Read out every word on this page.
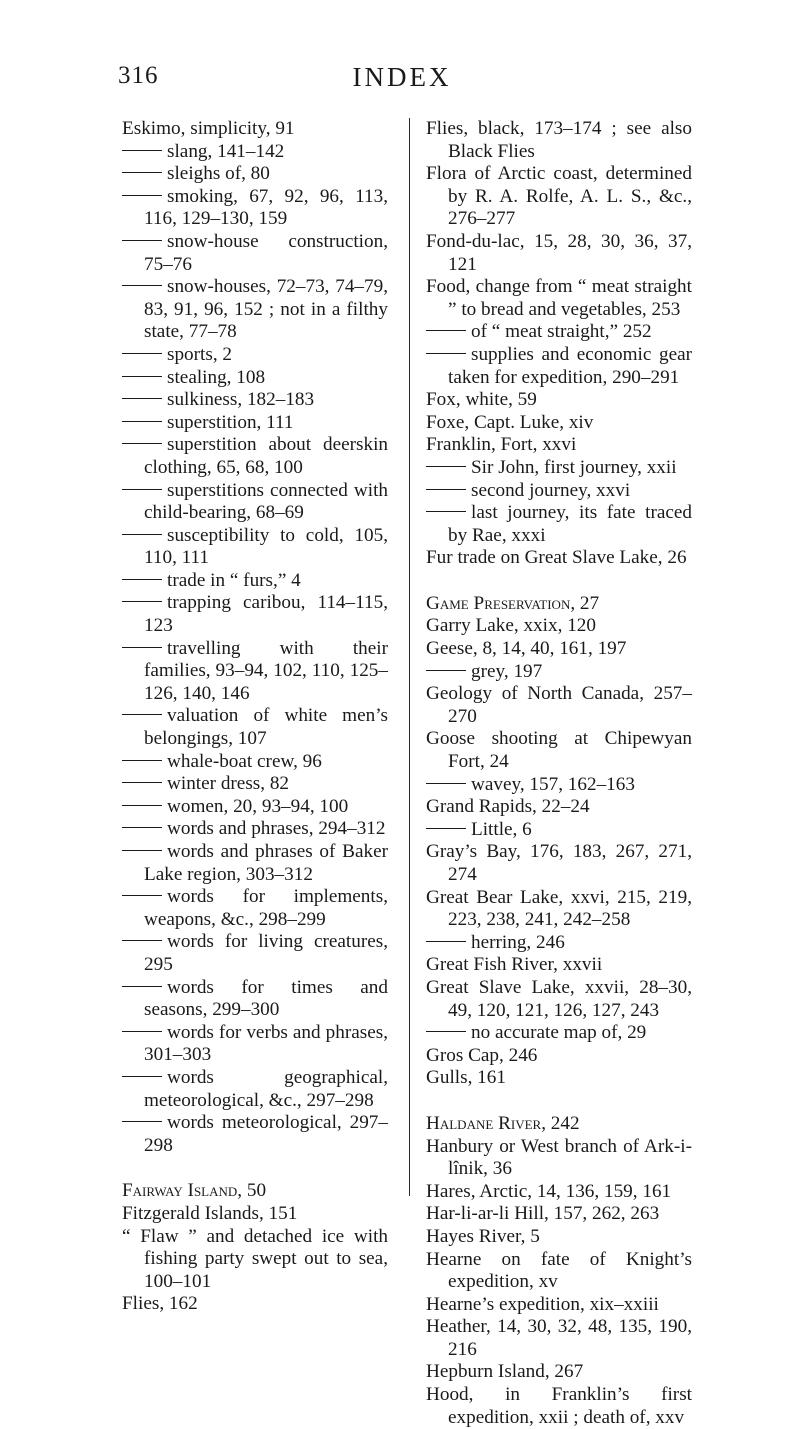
316	INDEX
Eskimo, simplicity, 91
slang, 141–142
sleighs of, 80
smoking, 67, 92, 96, 113, 116, 129–130, 159
snow-house construction, 75–76
snow-houses, 72–73, 74–79, 83, 91, 96, 152 ; not in a filthy state, 77–78
sports, 2
stealing, 108
sulkiness, 182–183
superstition, 111
superstition about deerskin clothing, 65, 68, 100
superstitions connected with child-bearing, 68–69
susceptibility to cold, 105, 110, 111
trade in “ furs,” 4
trapping caribou, 114–115, 123
travelling with their families, 93–94, 102, 110, 125–126, 140, 146
valuation of white men’s belongings, 107
whale-boat crew, 96
winter dress, 82
women, 20, 93–94, 100
words and phrases, 294–312
words and phrases of Baker Lake region, 303–312
words for implements, weapons, &c., 298–299
words for living creatures, 295
words for times and seasons, 299–300
words for verbs and phrases, 301–303
words geographical, meteorological, &c., 297–298
words meteorological, 297–298
Fairway Island, 50
Fitzgerald Islands, 151
“ Flaw ” and detached ice with fishing party swept out to sea, 100–101
Flies, 162
Flies, black, 173–174 ; see also Black Flies
Flora of Arctic coast, determined by R. A. Rolfe, A. L. S., &c., 276–277
Fond-du-lac, 15, 28, 30, 36, 37, 121
Food, change from “ meat straight ” to bread and vegetables, 253
of “ meat straight,” 252
supplies and economic gear taken for expedition, 290–291
Fox, white, 59
Foxe, Capt. Luke, xiv
Franklin, Fort, xxvi
Sir John, first journey, xxii
second journey, xxvi
last journey, its fate traced by Rae, xxxi
Fur trade on Great Slave Lake, 26
Game Preservation, 27
Garry Lake, xxix, 120
Geese, 8, 14, 40, 161, 197
grey, 197
Geology of North Canada, 257–270
Goose shooting at Chipewyan Fort, 24
wavey, 157, 162–163
Grand Rapids, 22–24
Little, 6
Gray’s Bay, 176, 183, 267, 271, 274
Great Bear Lake, xxvi, 215, 219, 223, 238, 241, 242–258
herring, 246
Great Fish River, xxvii
Great Slave Lake, xxvii, 28–30, 49, 120, 121, 126, 127, 243
no accurate map of, 29
Gros Cap, 246
Gulls, 161
Haldane River, 242
Hanbury or West branch of Ark-i-lînik, 36
Hares, Arctic, 14, 136, 159, 161
Har-li-ar-li Hill, 157, 262, 263
Hayes River, 5
Hearne on fate of Knight’s expedition, xv
Hearne’s expedition, xix–xxiii
Heather, 14, 30, 32, 48, 135, 190, 216
Hepburn Island, 267
Hood, in Franklin’s first expedition, xxii ; death of, xxv
